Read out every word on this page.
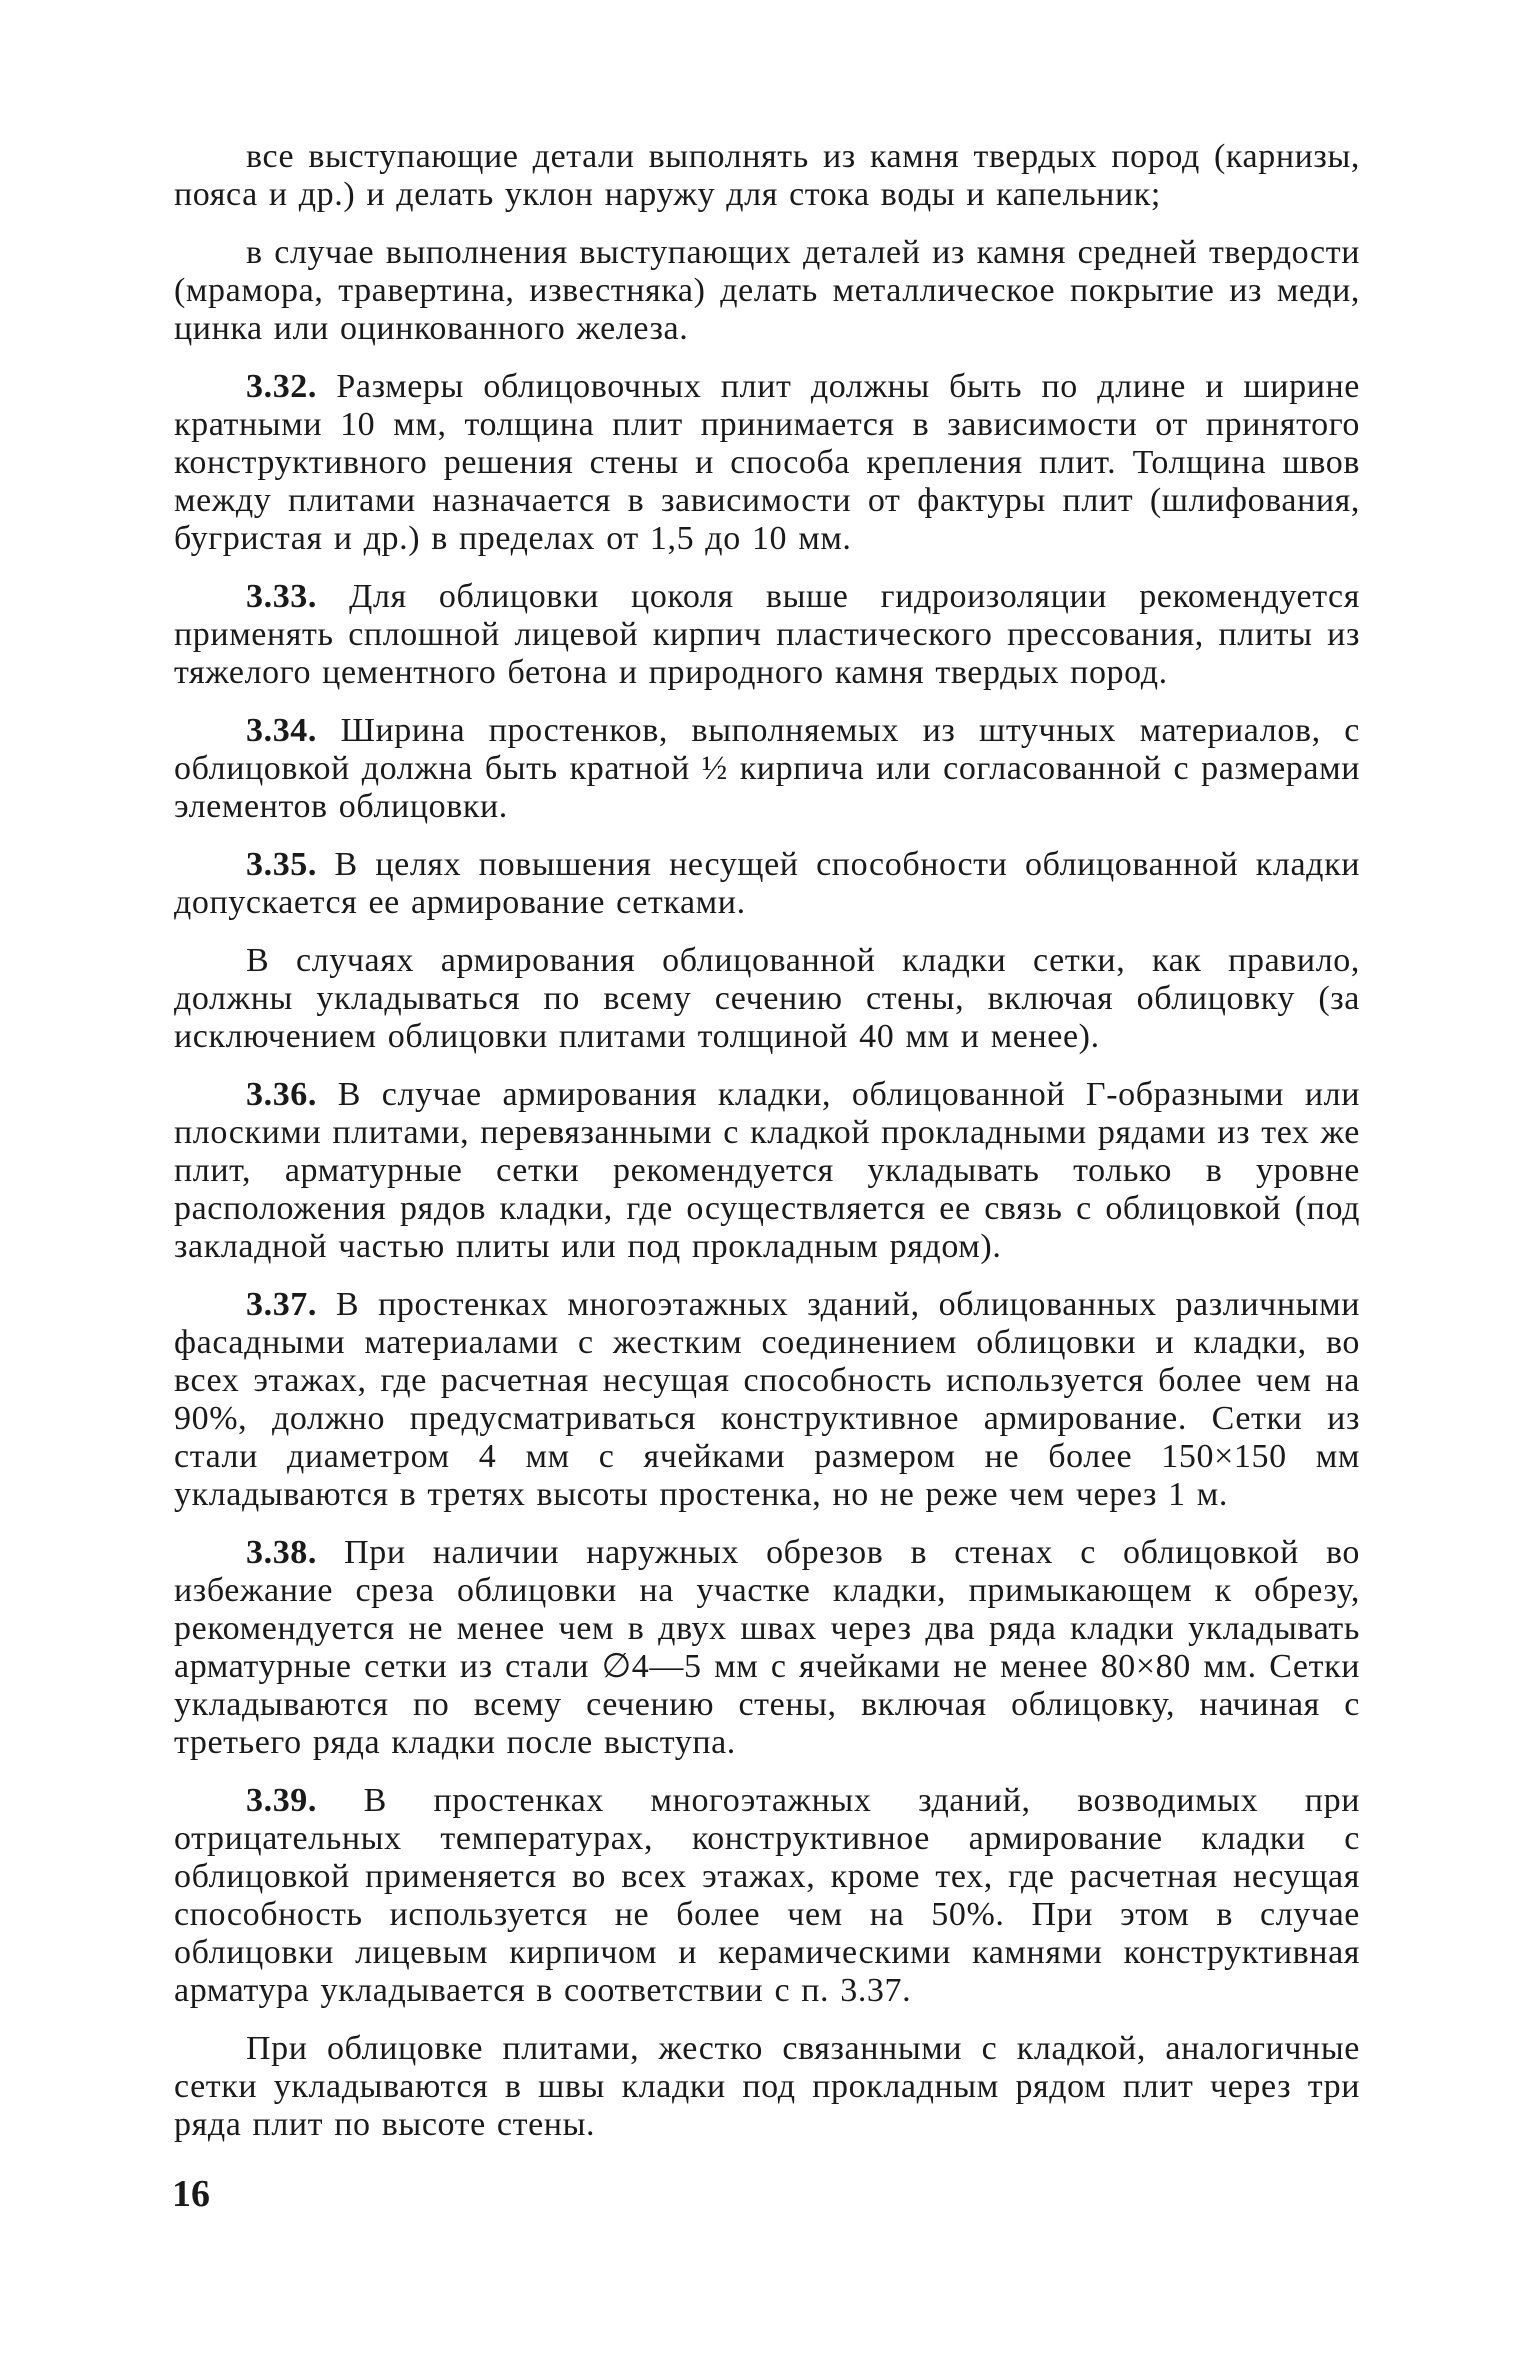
все выступающие детали выполнять из камня твердых пород (карнизы, пояса и др.) и делать уклон наружу для стока воды и капельник;

в случае выполнения выступающих деталей из камня средней твердости (мрамора, травертина, известняка) делать металлическое покрытие из меди, цинка или оцинкованного железа.

3.32. Размеры облицовочных плит должны быть по длине и ширине кратными 10 мм, толщина плит принимается в зависимости от принятого конструктивного решения стены и способа крепления плит. Толщина швов между плитами назначается в зависимости от фактуры плит (шлифования, бугристая и др.) в пределах от 1,5 до 10 мм.

3.33. Для облицовки цоколя выше гидроизоляции рекомендуется применять сплошной лицевой кирпич пластического прессования, плиты из тяжелого цементного бетона и природного камня твердых пород.

3.34. Ширина простенков, выполняемых из штучных материалов, с облицовкой должна быть кратной ½ кирпича или согласованной с размерами элементов облицовки.

3.35. В целях повышения несущей способности облицованной кладки допускается ее армирование сетками.

В случаях армирования облицованной кладки сетки, как правило, должны укладываться по всему сечению стены, включая облицовку (за исключением облицовки плитами толщиной 40 мм и менее).

3.36. В случае армирования кладки, облицованной Г-образными или плоскими плитами, перевязанными с кладкой прокладными рядами из тех же плит, арматурные сетки рекомендуется укладывать только в уровне расположения рядов кладки, где осуществляется ее связь с облицовкой (под закладной частью плиты или под прокладным рядом).

3.37. В простенках многоэтажных зданий, облицованных различными фасадными материалами с жестким соединением облицовки и кладки, во всех этажах, где расчетная несущая способность используется более чем на 90%, должно предусматриваться конструктивное армирование. Сетки из стали диаметром 4 мм с ячейками размером не более 150×150 мм укладываются в третях высоты простенка, но не реже чем через 1 м.

3.38. При наличии наружных обрезов в стенах с облицовкой во избежание среза облицовки на участке кладки, примыкающем к обрезу, рекомендуется не менее чем в двух швах через два ряда кладки укладывать арматурные сетки из стали ∅4—5 мм с ячейками не менее 80×80 мм. Сетки укладываются по всему сечению стены, включая облицовку, начиная с третьего ряда кладки после выступа.

3.39. В простенках многоэтажных зданий, возводимых при отрицательных температурах, конструктивное армирование кладки с облицовкой применяется во всех этажах, кроме тех, где расчетная несущая способность используется не более чем на 50%. При этом в случае облицовки лицевым кирпичом и керамическими камнями конструктивная арматура укладывается в соответствии с п. 3.37.

При облицовке плитами, жестко связанными с кладкой, аналогичные сетки укладываются в швы кладки под прокладным рядом плит через три ряда плит по высоте стены.

16
